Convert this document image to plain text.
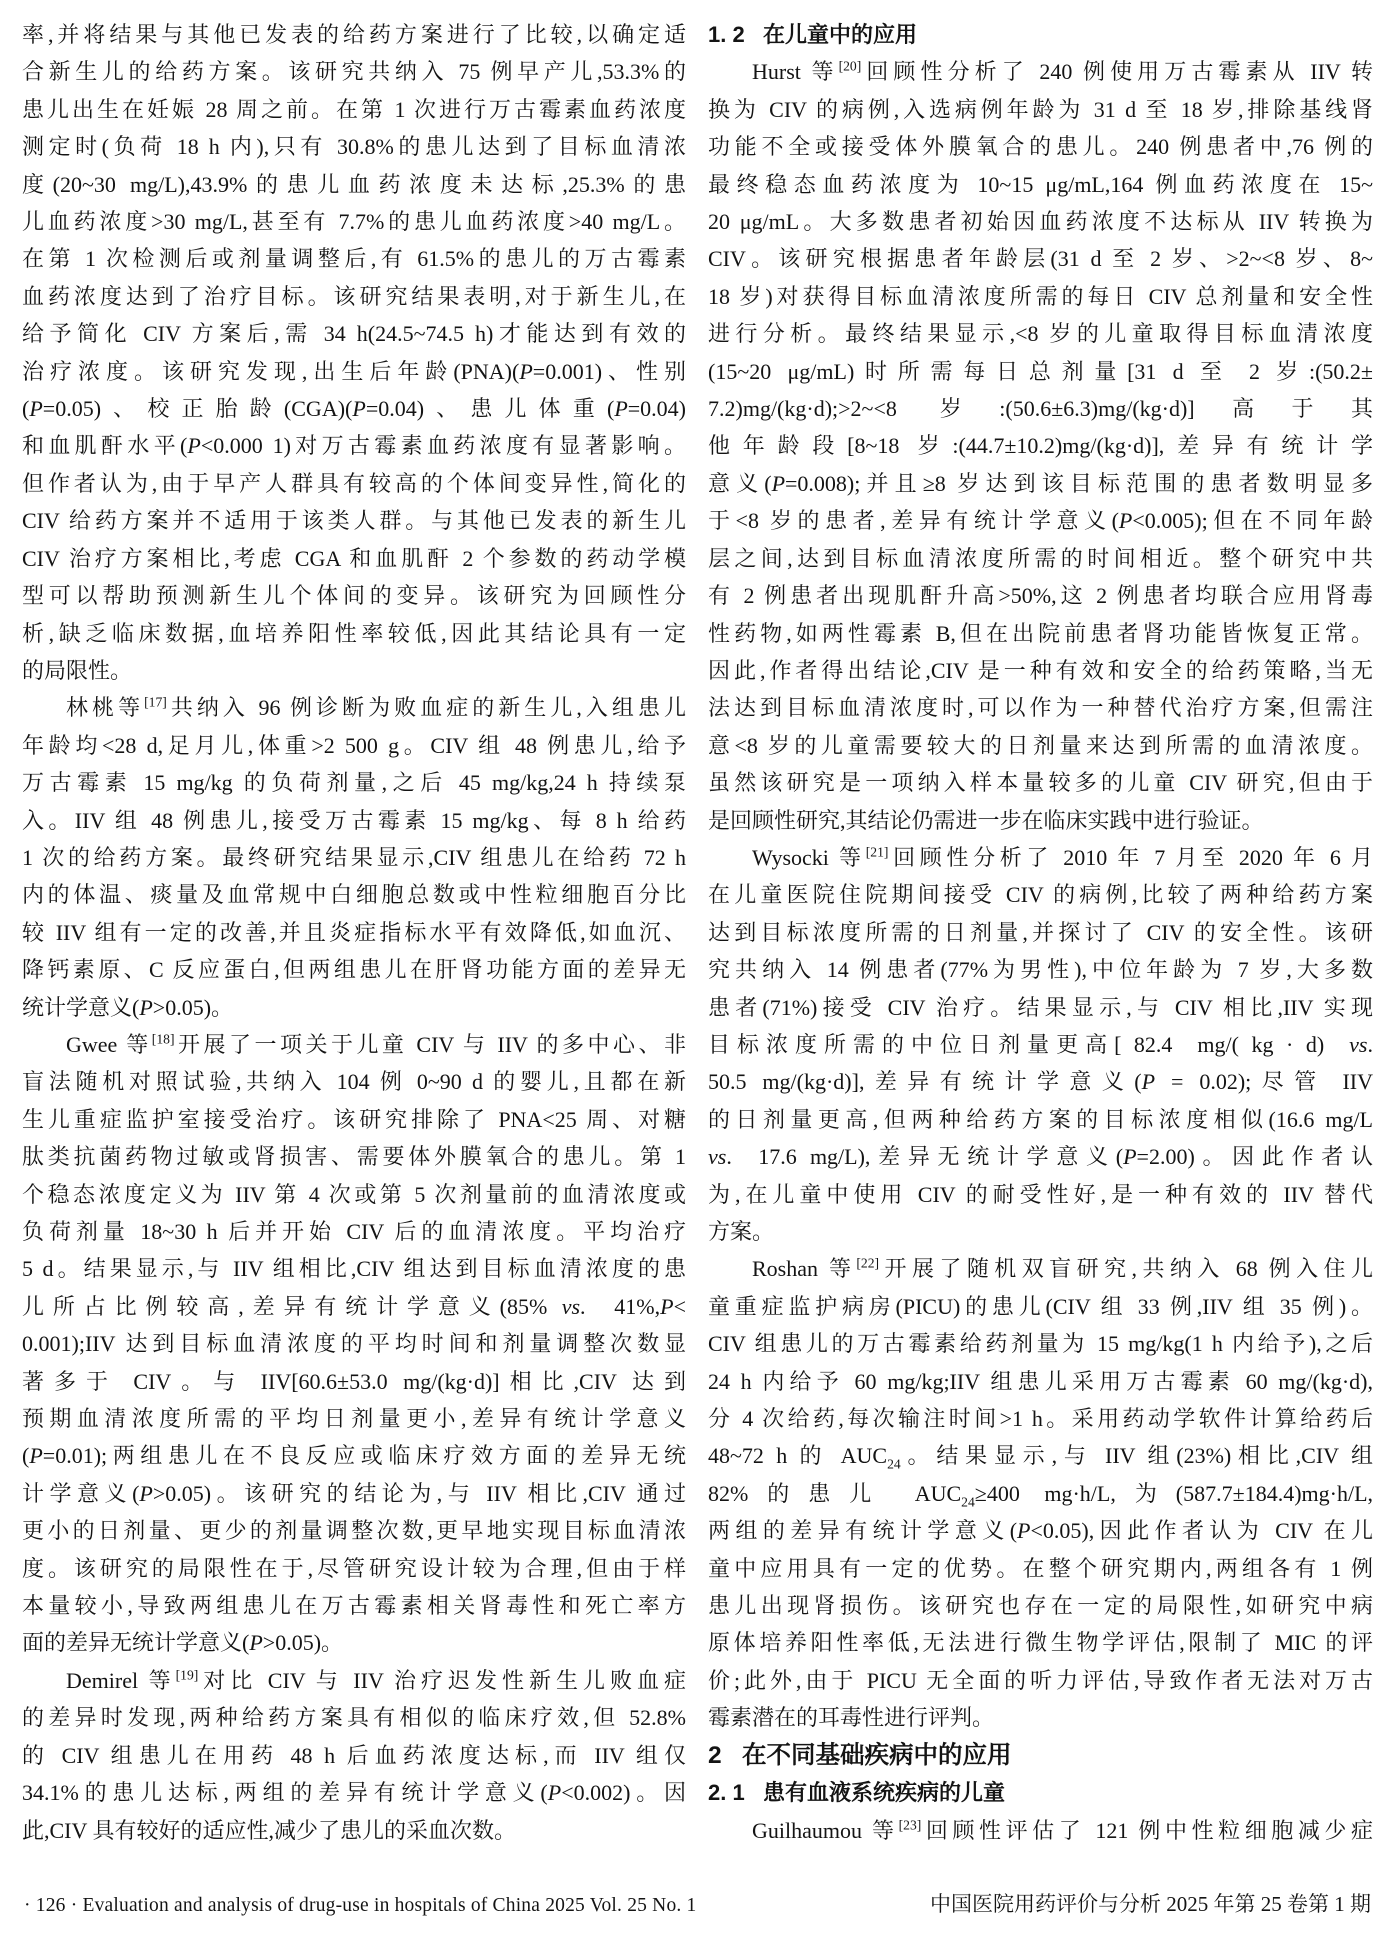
率,并将结果与其他已发表的给药方案进行了比较,以确定适
合新生儿的给药方案。该研究共纳入 75 例早产儿,53.3%的
患儿出生在妊娠 28 周之前。在第 1 次进行万古霉素血药浓度
测定时(负荷 18 h 内),只有 30.8%的患儿达到了目标血清浓
度(20~30 mg/L),43.9%的患儿血药浓度未达标,25.3%的患
儿血药浓度>30 mg/L,甚至有 7.7%的患儿血药浓度>40 mg/L。
在第 1 次检测后或剂量调整后,有 61.5%的患儿的万古霉素
血药浓度达到了治疗目标。该研究结果表明,对于新生儿,在
给予简化 CIV 方案后,需 34 h(24.5~74.5 h)才能达到有效的
治疗浓度。该研究发现,出生后年龄(PNA)(P=0.001)、性别
(P=0.05)、校正胎龄(CGA)(P=0.04)、患儿体重(P=0.04)
和血肌酐水平(P<0.000 1)对万古霉素血药浓度有显著影响。
但作者认为,由于早产人群具有较高的个体间变异性,简化的
CIV 给药方案并不适用于该类人群。与其他已发表的新生儿
CIV 治疗方案相比,考虑 CGA 和血肌酐 2 个参数的药动学模
型可以帮助预测新生儿个体间的变异。该研究为回顾性分
析,缺乏临床数据,血培养阳性率较低,因此其结论具有一定
的局限性。
林桃等[17]共纳入 96 例诊断为败血症的新生儿,入组患儿
年龄均<28 d,足月儿,体重>2 500 g。CIV 组 48 例患儿,给予
万古霉素 15 mg/kg 的负荷剂量,之后 45 mg/kg,24 h 持续泵
入。IIV 组 48 例患儿,接受万古霉素 15 mg/kg、每 8 h 给药
1 次的给药方案。最终研究结果显示,CIV 组患儿在给药 72 h
内的体温、痰量及血常规中白细胞总数或中性粒细胞百分比
较 IIV 组有一定的改善,并且炎症指标水平有效降低,如血沉、
降钙素原、C 反应蛋白,但两组患儿在肝肾功能方面的差异无
统计学意义(P>0.05)。
Gwee 等[18]开展了一项关于儿童 CIV 与 IIV 的多中心、非
盲法随机对照试验,共纳入 104 例 0~90 d 的婴儿,且都在新
生儿重症监护室接受治疗。该研究排除了 PNA<25 周、对糖
肽类抗菌药物过敏或肾损害、需要体外膜氧合的患儿。第 1
个稳态浓度定义为 IIV 第 4 次或第 5 次剂量前的血清浓度或
负荷剂量 18~30 h 后并开始 CIV 后的血清浓度。平均治疗
5 d。结果显示,与 IIV 组相比,CIV 组达到目标血清浓度的患
儿所占比例较高,差异有统计学意义(85% vs.  41%,P<
0.001);IIV 达到目标血清浓度的平均时间和剂量调整次数显
著多于 CIV。与 IIV[60.6±53.0 mg/(kg·d)]相比,CIV 达到
预期血清浓度所需的平均日剂量更小,差异有统计学意义
(P=0.01);两组患儿在不良反应或临床疗效方面的差异无统
计学意义(P>0.05)。该研究的结论为,与 IIV 相比,CIV 通过
更小的日剂量、更少的剂量调整次数,更早地实现目标血清浓
度。该研究的局限性在于,尽管研究设计较为合理,但由于样
本量较小,导致两组患儿在万古霉素相关肾毒性和死亡率方
面的差异无统计学意义(P>0.05)。
Demirel 等[19]对比 CIV 与 IIV 治疗迟发性新生儿败血症
的差异时发现,两种给药方案具有相似的临床疗效,但 52.8%
的 CIV 组患儿在用药 48 h 后血药浓度达标,而 IIV 组仅
34.1%的患儿达标,两组的差异有统计学意义(P<0.002)。因
此,CIV 具有较好的适应性,减少了患儿的采血次数。
1. 2   在儿童中的应用
Hurst 等[20]回顾性分析了 240 例使用万古霉素从 IIV 转
换为 CIV 的病例,入选病例年龄为 31 d 至 18 岁,排除基线肾
功能不全或接受体外膜氧合的患儿。240 例患者中,76 例的
最终稳态血药浓度为 10~15 μg/mL,164 例血药浓度在 15~
20 μg/mL。大多数患者初始因血药浓度不达标从 IIV 转换为
CIV。该研究根据患者年龄层(31 d 至 2 岁、>2~<8 岁、8~
18 岁)对获得目标血清浓度所需的每日 CIV 总剂量和安全性
进行分析。最终结果显示,<8 岁的儿童取得目标血清浓度
(15~20 μg/mL)时所需每日总剂量[31 d 至 2 岁:(50.2±
7.2)mg/(kg·d);>2~<8 岁:(50.6±6.3)mg/(kg·d)]高于其
他年龄段[8~18 岁:(44.7±10.2)mg/(kg·d)],差异有统计学
意义(P=0.008);并且≥8 岁达到该目标范围的患者数明显多
于<8 岁的患者,差异有统计学意义(P<0.005);但在不同年龄
层之间,达到目标血清浓度所需的时间相近。整个研究中共
有 2 例患者出现肌酐升高>50%,这 2 例患者均联合应用肾毒
性药物,如两性霉素 B,但在出院前患者肾功能皆恢复正常。
因此,作者得出结论,CIV 是一种有效和安全的给药策略,当无
法达到目标血清浓度时,可以作为一种替代治疗方案,但需注
意<8 岁的儿童需要较大的日剂量来达到所需的血清浓度。
虽然该研究是一项纳入样本量较多的儿童 CIV 研究,但由于
是回顾性研究,其结论仍需进一步在临床实践中进行验证。
Wysocki 等[21]回顾性分析了 2010 年 7 月至 2020 年 6 月
在儿童医院住院期间接受 CIV 的病例,比较了两种给药方案
达到目标浓度所需的日剂量,并探讨了 CIV 的安全性。该研
究共纳入 14 例患者(77%为男性),中位年龄为 7 岁,大多数
患者(71%)接受 CIV 治疗。结果显示,与 CIV 相比,IIV 实现
目标浓度所需的中位日剂量更高[ 82.4  mg/( kg · d)  vs.
50.5 mg/(kg·d)],差异有统计学意义(P = 0.02);尽管 IIV
的日剂量更高,但两种给药方案的目标浓度相似(16.6 mg/L
vs.  17.6 mg/L),差异无统计学意义(P=2.00)。因此作者认
为,在儿童中使用 CIV 的耐受性好,是一种有效的 IIV 替代
方案。
Roshan 等[22]开展了随机双盲研究,共纳入 68 例入住儿
童重症监护病房(PICU)的患儿(CIV 组 33 例,IIV 组 35 例)。
CIV 组患儿的万古霉素给药剂量为 15 mg/kg(1 h 内给予),之后
24 h 内给予 60 mg/kg;IIV 组患儿采用万古霉素 60 mg/(kg·d),
分 4 次给药,每次输注时间>1 h。采用药动学软件计算给药后
48~72 h 的 $AUC_{24}$。结果显示,与 IIV 组(23%)相比,CIV 组
82%的患儿 $AUC_{24}\ge 400$ mg·h/L,为(587.7±184.4)mg·h/L,
两组的差异有统计学意义(P<0.05),因此作者认为 CIV 在儿
童中应用具有一定的优势。在整个研究期内,两组各有 1 例
患儿出现肾损伤。该研究也存在一定的局限性,如研究中病
原体培养阳性率低,无法进行微生物学评估,限制了 MIC 的评
价;此外,由于 PICU 无全面的听力评估,导致作者无法对万古
霉素潜在的耳毒性进行评判。
2   在不同基础疾病中的应用
2. 1   患有血液系统疾病的儿童
Guilhaumou 等[23]回顾性评估了 121 例中性粒细胞减少症
· 126 · Evaluation and analysis of drug-use in hospitals of China 2025 Vol. 25 No. 1	中国医院用药评价与分析 2025 年第 25 卷第 1 期
